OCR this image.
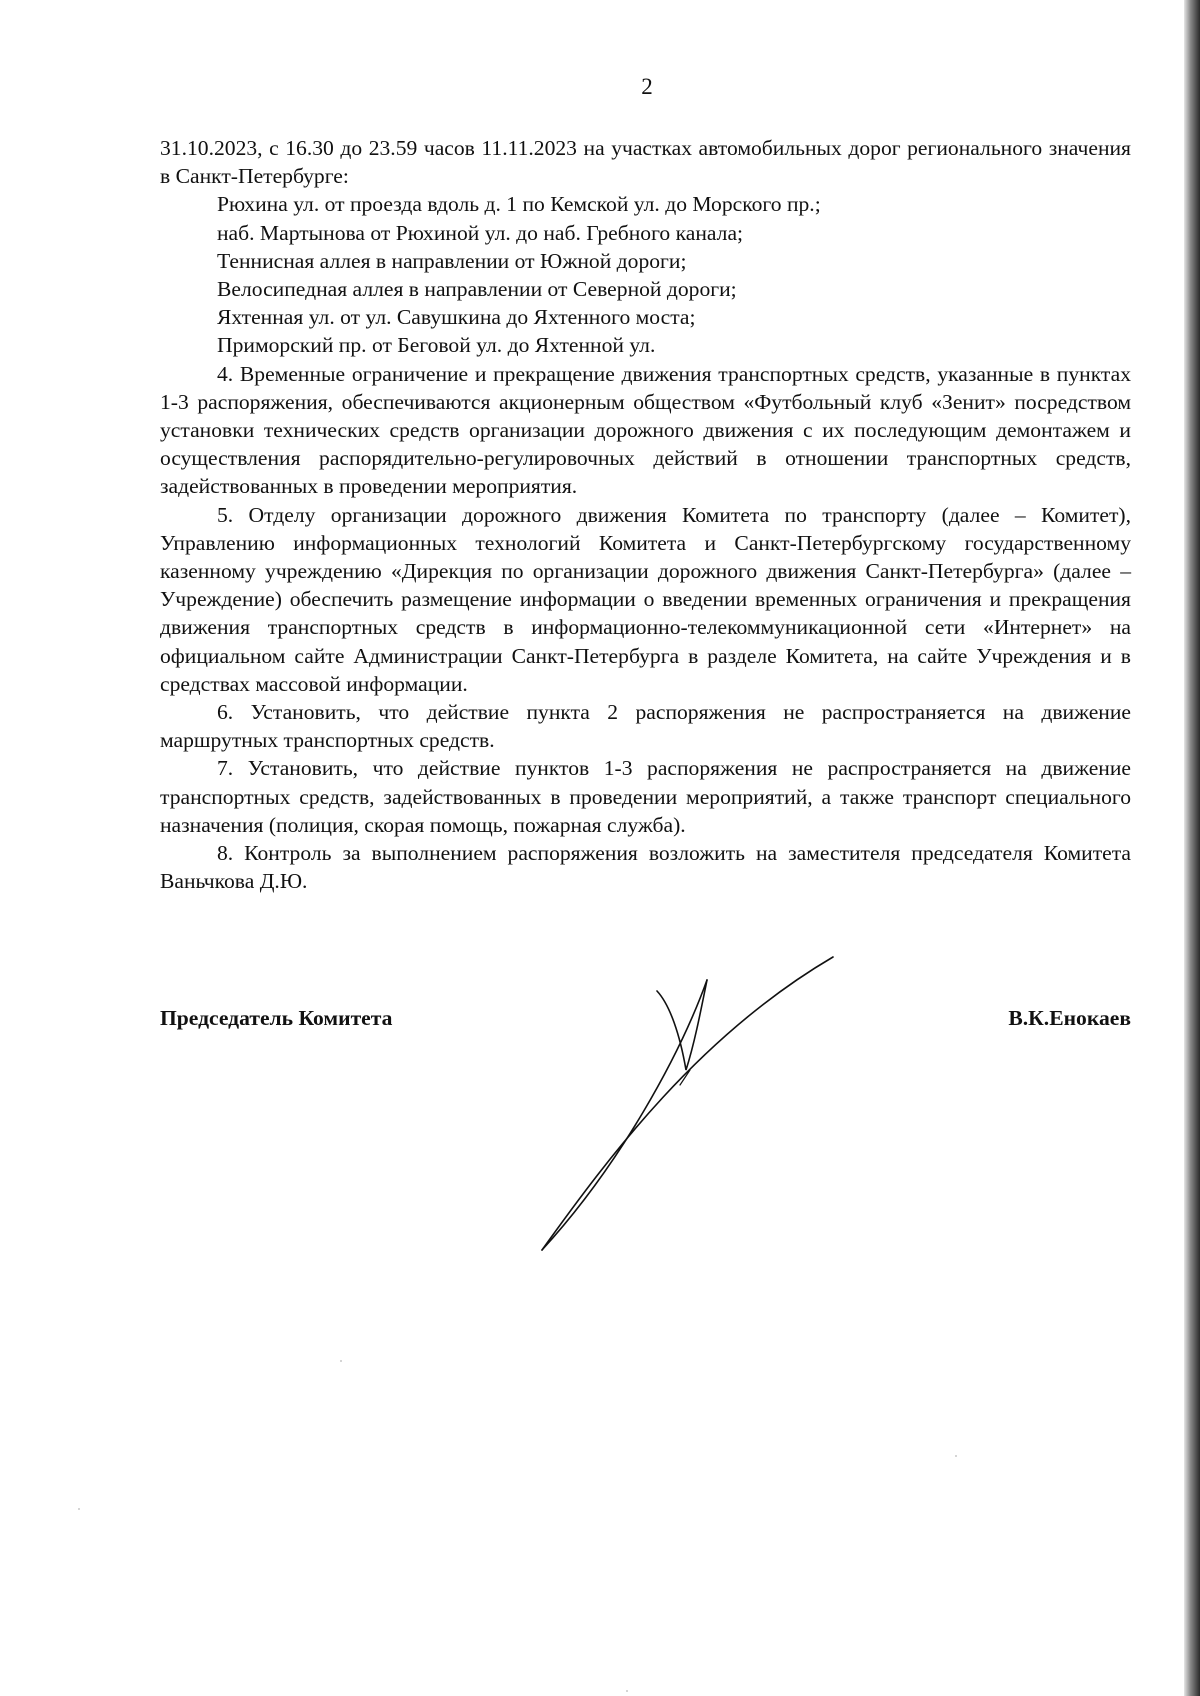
2

31.10.2023, с 16.30 до 23.59 часов 11.11.2023 на участках автомобильных дорог регионального значения в Санкт-Петербурге:

Рюхина ул. от проезда вдоль д. 1 по Кемской ул. до Морского пр.;

наб. Мартынова от Рюхиной ул. до наб. Гребного канала;

Теннисная аллея в направлении от Южной дороги;

Велосипедная аллея в направлении от Северной дороги;

Яхтенная ул. от ул. Савушкина до Яхтенного моста;

Приморский пр. от Беговой ул. до Яхтенной ул.

4. Временные ограничение и прекращение движения транспортных средств, указанные в пунктах 1-3 распоряжения, обеспечиваются акционерным обществом «Футбольный клуб «Зенит» посредством установки технических средств организации дорожного движения с их последующим демонтажем и осуществления распорядительно-регулировочных действий в отношении транспортных средств, задействованных в проведении мероприятия.

5. Отделу организации дорожного движения Комитета по транспорту (далее – Комитет), Управлению информационных технологий Комитета и Санкт-Петербургскому государственному казенному учреждению «Дирекция по организации дорожного движения Санкт-Петербурга» (далее – Учреждение) обеспечить размещение информации о введении временных ограничения и прекращения движения транспортных средств в информационно-телекоммуникационной сети «Интернет» на официальном сайте Администрации Санкт-Петербурга в разделе Комитета, на сайте Учреждения и в средствах массовой информации.

6. Установить, что действие пункта 2 распоряжения не распространяется на движение маршрутных транспортных средств.

7. Установить, что действие пунктов 1-3 распоряжения не распространяется на движение транспортных средств, задействованных в проведении мероприятий, а также транспорт специального назначения (полиция, скорая помощь, пожарная служба).

8. Контроль за выполнением распоряжения возложить на заместителя председателя Комитета Ваньчкова Д.Ю.

Председатель Комитета	В.К.Енокаев
